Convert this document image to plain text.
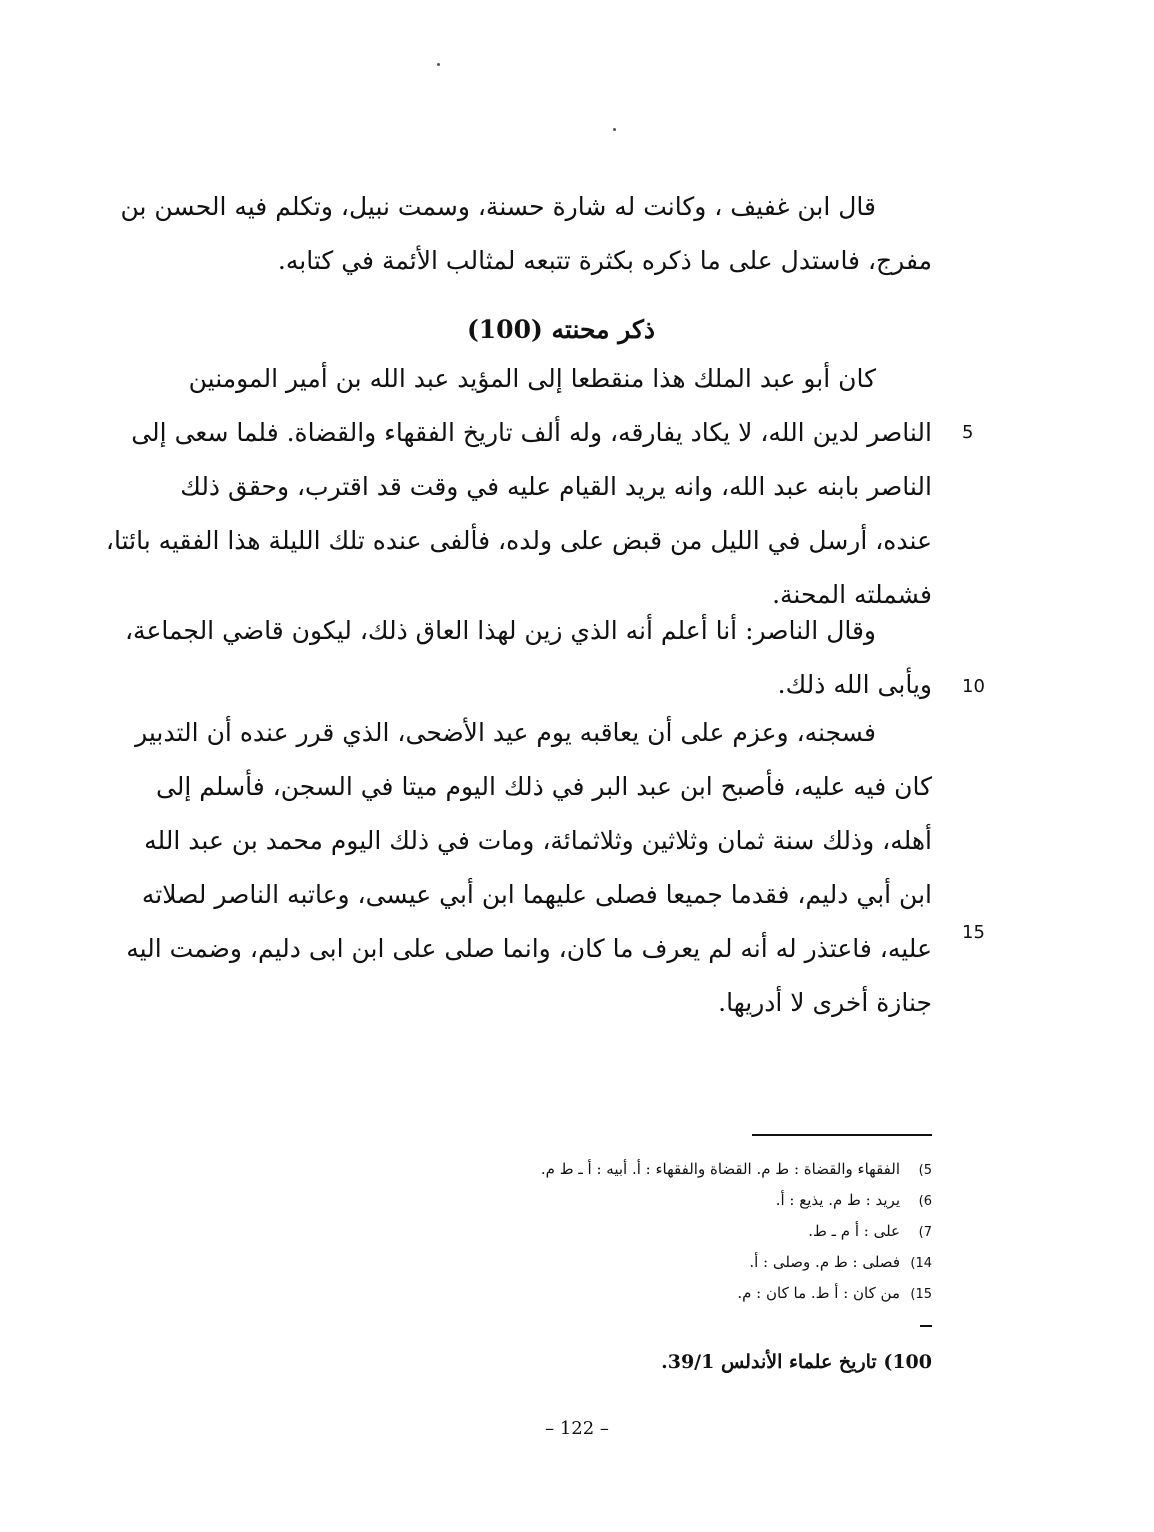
قال ابن غفيف ، وكانت له شارة حسنة، وسمت نبيل، وتكلم فيه الحسن بن
مفرج، فاستدل على ما ذكره بكثرة تتبعه لمثالب الأئمة في كتابه.
ذكر محنته (100)
كان أبو عبد الملك هذا منقطعا إلى المؤيد عبد الله بن أمير المومنين
الناصر لدين الله، لا يكاد يفارقه، وله ألف تاريخ الفقهاء والقضاة. فلما سعى إلى
الناصر بابنه عبد الله، وانه يريد القيام عليه في وقت قد اقترب، وحقق ذلك
عنده، أرسل في الليل من قبض على ولده، فألفى عنده تلك الليلة هذا الفقيه بائتا،
فشملته المحنة.
وقال الناصر: أنا أعلم أنه الذي زين لهذا العاق ذلك، ليكون قاضي الجماعة،
ويأبى الله ذلك.
فسجنه، وعزم على أن يعاقبه يوم عيد الأضحى، الذي قرر عنده أن التدبير
كان فيه عليه، فأصبح ابن عبد البر في ذلك اليوم ميتا في السجن، فأسلم إلى
أهله، وذلك سنة ثمان وثلاثين وثلاثمائة، ومات في ذلك اليوم محمد بن عبد الله
ابن أبي دليم، فقدما جميعا فصلى عليهما ابن أبي عيسى، وعاتبه الناصر لصلاته
عليه، فاعتذر له أنه لم يعرف ما كان، وانما صلى على ابن ابى دليم، وضمت اليه
جنازة أخرى لا أدريها.
5
10
15
5)الفقهاء والقضاة : ط م. القضاة والفقهاء : أ. أبيه : أ ـ ط م.
6)يريد : ط م. يذيع : أ.
7)على : أ م ـ ط.
14)فصلى : ط م. وصلى : أ.
15)من كان : أ ط. ما كان : م.
100) تاريخ علماء الأندلس 39/1.
– 122 –
